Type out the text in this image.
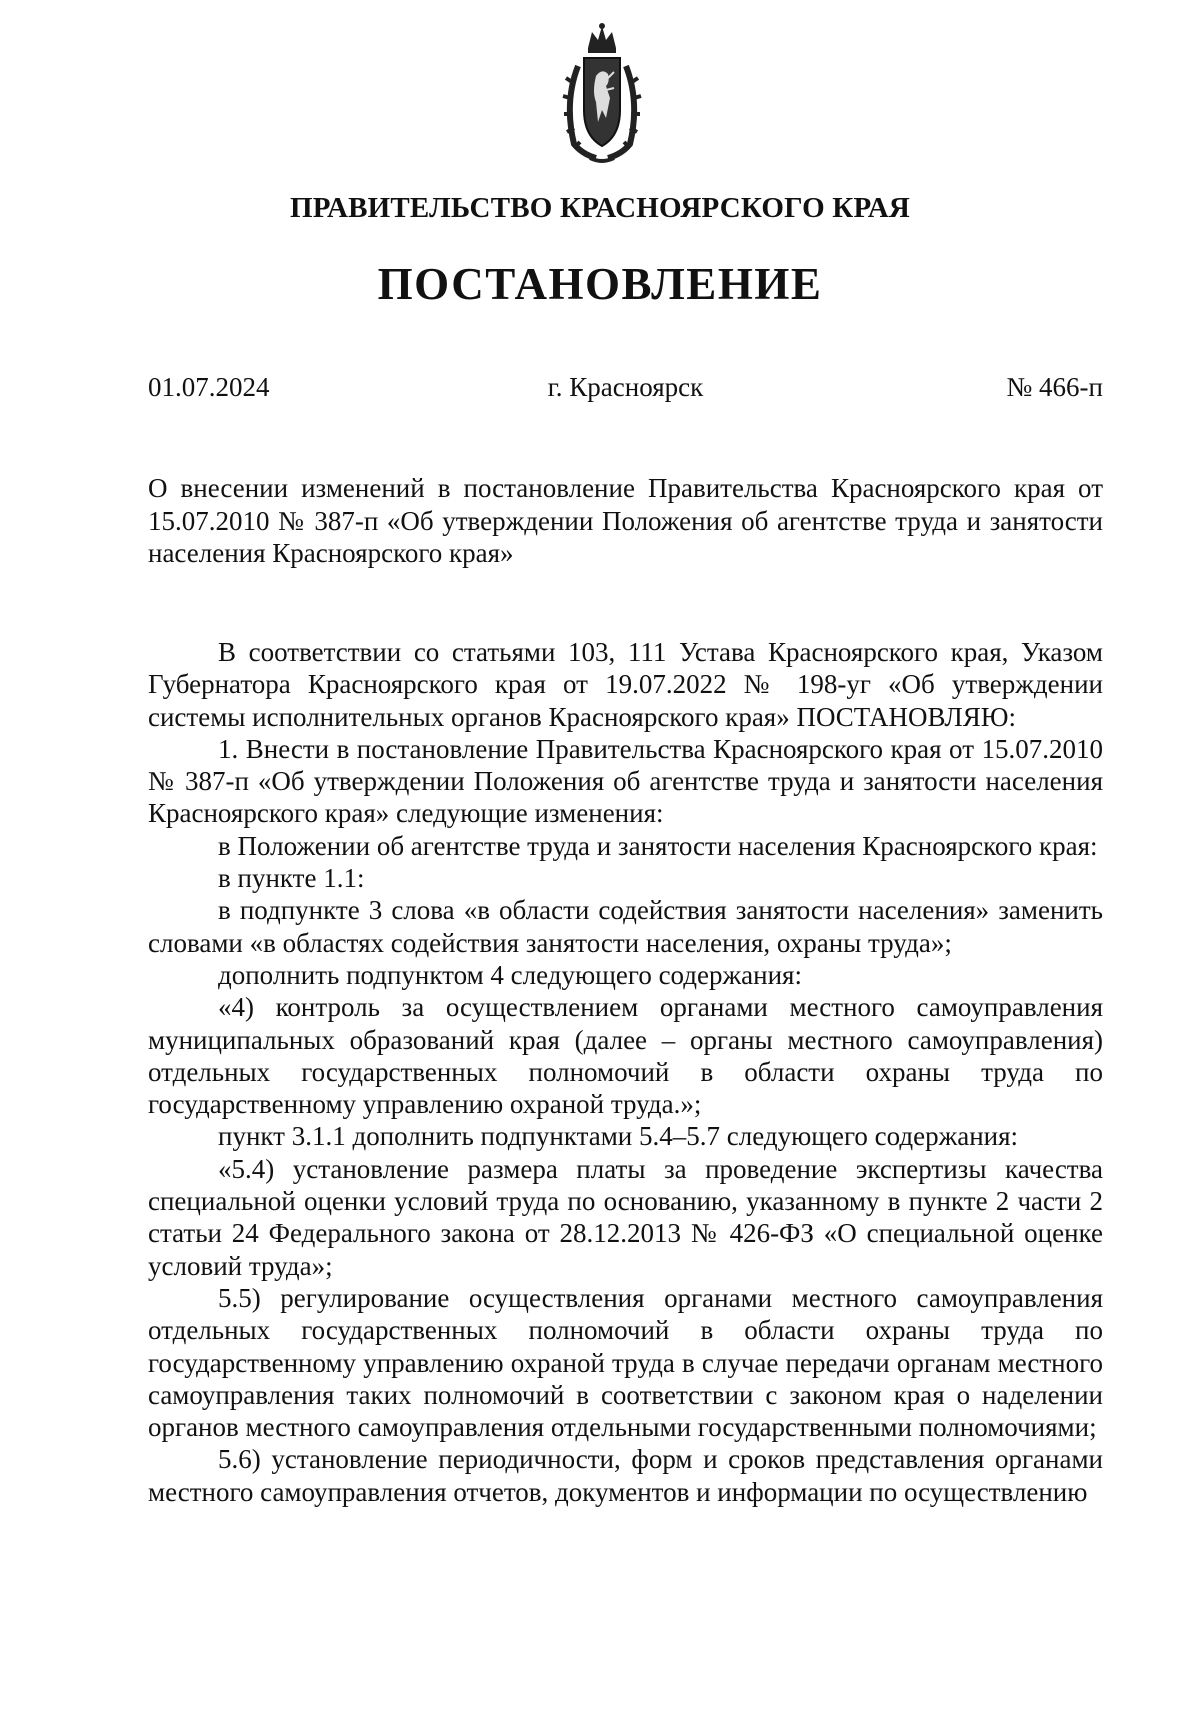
ПРАВИТЕЛЬСТВО КРАСНОЯРСКОГО КРАЯ
ПОСТАНОВЛЕНИЕ
01.07.2024	г. Красноярск	№ 466-п
О внесении изменений в постановление Правительства Красноярского края от 15.07.2010 № 387-п «Об утверждении Положения об агентстве труда и занятости населения Красноярского края»

В соответствии со статьями 103, 111 Устава Красноярского края, Указом Губернатора Красноярского края от 19.07.2022 № 198-уг «Об утверждении системы исполнительных органов Красноярского края» ПОСТАНОВЛЯЮ:

1. Внести в постановление Правительства Красноярского края от 15.07.2010 № 387-п «Об утверждении Положения об агентстве труда и занятости населения Красноярского края» следующие изменения:

в Положении об агентстве труда и занятости населения Красноярского края:

в пункте 1.1:

в подпункте 3 слова «в области содействия занятости населения» заменить словами «в областях содействия занятости населения, охраны труда»;

дополнить подпунктом 4 следующего содержания:

«4) контроль за осуществлением органами местного самоуправления муниципальных образований края (далее – органы местного самоуправления) отдельных государственных полномочий в области охраны труда по государственному управлению охраной труда.»;

пункт 3.1.1 дополнить подпунктами 5.4–5.7 следующего содержания:

«5.4) установление размера платы за проведение экспертизы качества специальной оценки условий труда по основанию, указанному в пункте 2 части 2 статьи 24 Федерального закона от 28.12.2013 № 426-ФЗ «О специальной оценке условий труда»;

5.5) регулирование осуществления органами местного самоуправления отдельных государственных полномочий в области охраны труда по государственному управлению охраной труда в случае передачи органам местного самоуправления таких полномочий в соответствии с законом края о наделении органов местного самоуправления отдельными государственными полномочиями;

5.6) установление периодичности, форм и сроков представления органами местного самоуправления отчетов, документов и информации по осуществлению
